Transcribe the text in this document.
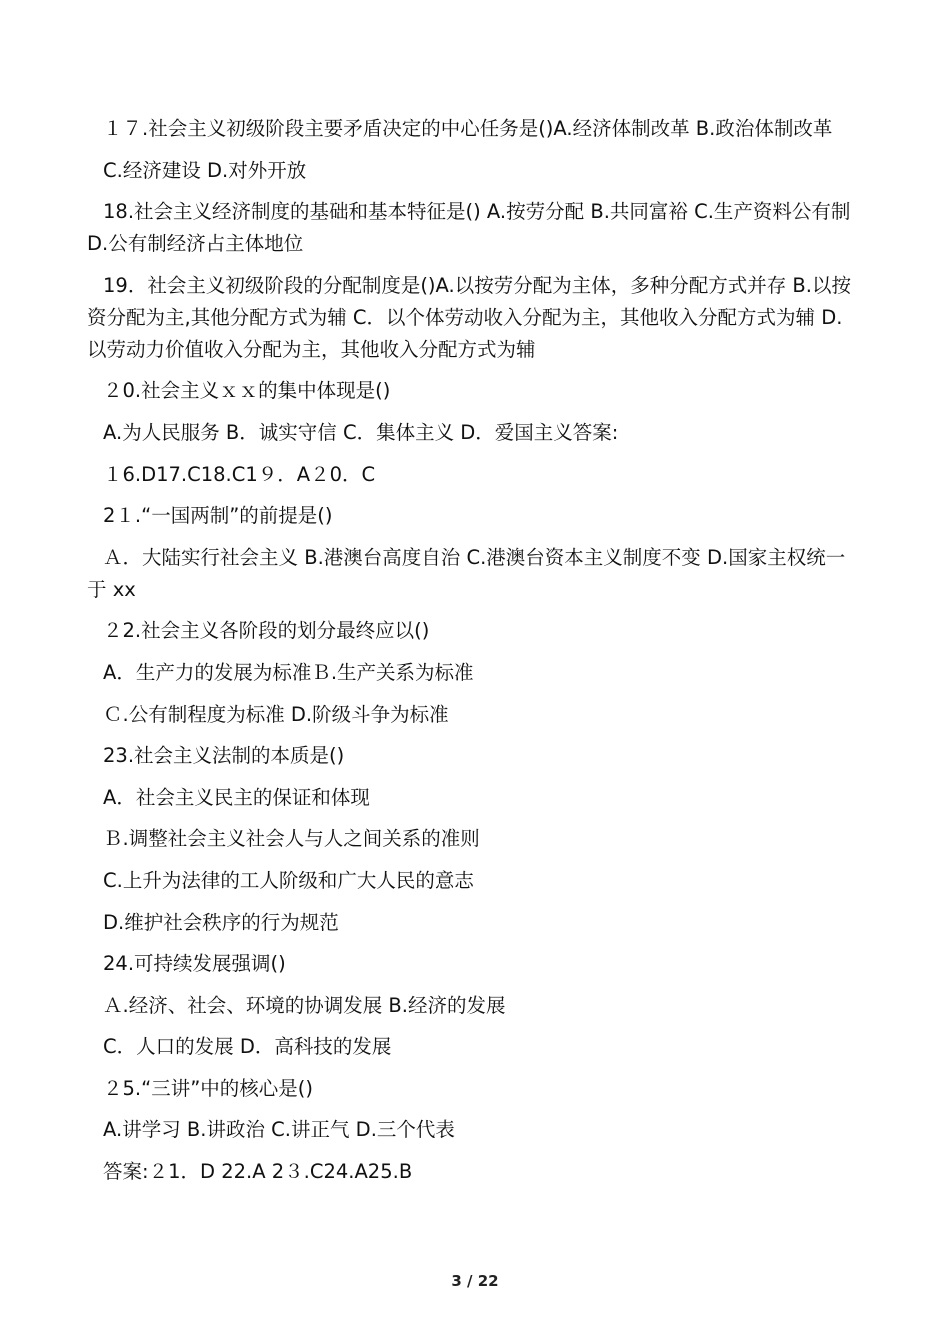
１７.社会主义初级阶段主要矛盾决定的中心任务是()A.经济体制改革 B.政治体制改革

C.经济建设 D.对外开放

18.社会主义经济制度的基础和基本特征是() A.按劳分配 B.共同富裕 C.生产资料公有制 D.公有制经济占主体地位

19．社会主义初级阶段的分配制度是()A.以按劳分配为主体，多种分配方式并存 B.以按资分配为主,其他分配方式为辅 C．以个体劳动收入分配为主，其他收入分配方式为辅 D.以劳动力价值收入分配为主，其他收入分配方式为辅

２0.社会主义ｘｘ的集中体现是()

A.为人民服务 B．诚实守信 C．集体主义 D．爱国主义答案:

１6.D17.C18.C1９．A２0．C

2１.“一国两制”的前提是()

Ａ．大陆实行社会主义 B.港澳台高度自治 C.港澳台资本主义制度不变 D.国家主权统一于 xx

２2.社会主义各阶段的划分最终应以()

A．生产力的发展为标准Ｂ.生产关系为标准

Ｃ.公有制程度为标准 D.阶级斗争为标准

23.社会主义法制的本质是()

A．社会主义民主的保证和体现

Ｂ.调整社会主义社会人与人之间关系的准则

C.上升为法律的工人阶级和广大人民的意志

D.维护社会秩序的行为规范

24.可持续发展强调()

Ａ.经济、社会、环境的协调发展 B.经济的发展

C．人口的发展 D．高科技的发展

２5.“三讲”中的核心是()

A.讲学习 B.讲政治 C.讲正气 D.三个代表

答案:２1．D 22.A 2３.C24.A25.B

3 / 22
